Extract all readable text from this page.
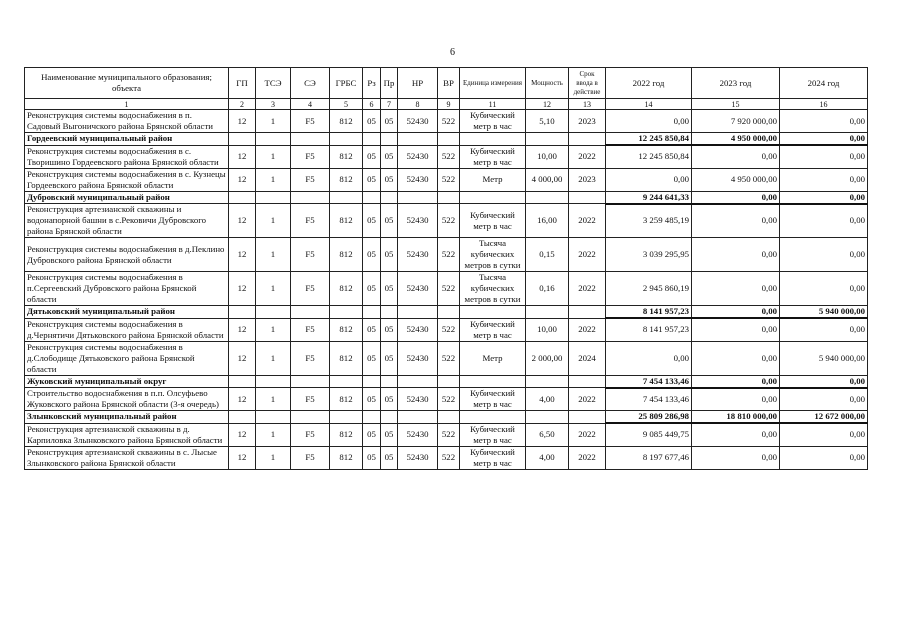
6
Наименование муниципального образования; объекта	ГП	ТСЭ	СЭ	ГРБС	Рз	Пр	НР	ВР	Единица измерения	Мощность	Срок ввода в действие	2022 год	2023 год	2024 год
1	2	3	4	5	6	7	8	9	11	12	13	14	15	16
Реконструкция системы водоснабжения в п. Садовый Выгоничского района Брянской области	12	1	F5	812	05	05	52430	522	Кубический метр в час	5,10	2023	0,00	7 920 000,00	0,00
Гордеевский муниципальный район												12 245 850,84	4 950 000,00	0,00
Реконструкция системы водоснабжения в с. Творишино Гордеевского района Брянской области	12	1	F5	812	05	05	52430	522	Кубический метр в час	10,00	2022	12 245 850,84	0,00	0,00
Реконструкция системы водоснабжения в с. Кузнецы Гордеевского района Брянской области	12	1	F5	812	05	05	52430	522	Метр	4 000,00	2023	0,00	4 950 000,00	0,00
Дубровский муниципальный район												9 244 641,33	0,00	0,00
Реконструкция артезианской скважины и водонапорной башни в с.Рековичи Дубровского района Брянской области	12	1	F5	812	05	05	52430	522	Кубический метр в час	16,00	2022	3 259 485,19	0,00	0,00
Реконструкция системы водоснабжения в д.Пеклино Дубровского района Брянской области	12	1	F5	812	05	05	52430	522	Тысяча кубических метров в сутки	0,15	2022	3 039 295,95	0,00	0,00
Реконструкция системы водоснабжения в п.Сергеевский Дубровского района Брянской области	12	1	F5	812	05	05	52430	522	Тысяча кубических метров в сутки	0,16	2022	2 945 860,19	0,00	0,00
Дятьковский муниципальный район												8 141 957,23	0,00	5 940 000,00
Реконструкция системы водоснабжения в д.Чернятичи Дятьковского района Брянской области	12	1	F5	812	05	05	52430	522	Кубический метр в час	10,00	2022	8 141 957,23	0,00	0,00
Реконструкция системы водоснабжения в д.Слободище Дятьковского района Брянской области	12	1	F5	812	05	05	52430	522	Метр	2 000,00	2024	0,00	0,00	5 940 000,00
Жуковский муниципальный округ												7 454 133,46	0,00	0,00
Строительство водоснабжения в п.п. Олсуфьево Жуковского района Брянской области (3-я очередь)	12	1	F5	812	05	05	52430	522	Кубический метр в час	4,00	2022	7 454 133,46	0,00	0,00
Злынковский муниципальный район												25 809 286,98	18 810 000,00	12 672 000,00
Реконструкция артезианской скважины в д. Карпиловка Злынковского района Брянской области	12	1	F5	812	05	05	52430	522	Кубический метр в час	6,50	2022	9 085 449,75	0,00	0,00
Реконструкция артезианской скважины в с. Лысые Злынковского района Брянской области	12	1	F5	812	05	05	52430	522	Кубический метр в час	4,00	2022	8 197 677,46	0,00	0,00
